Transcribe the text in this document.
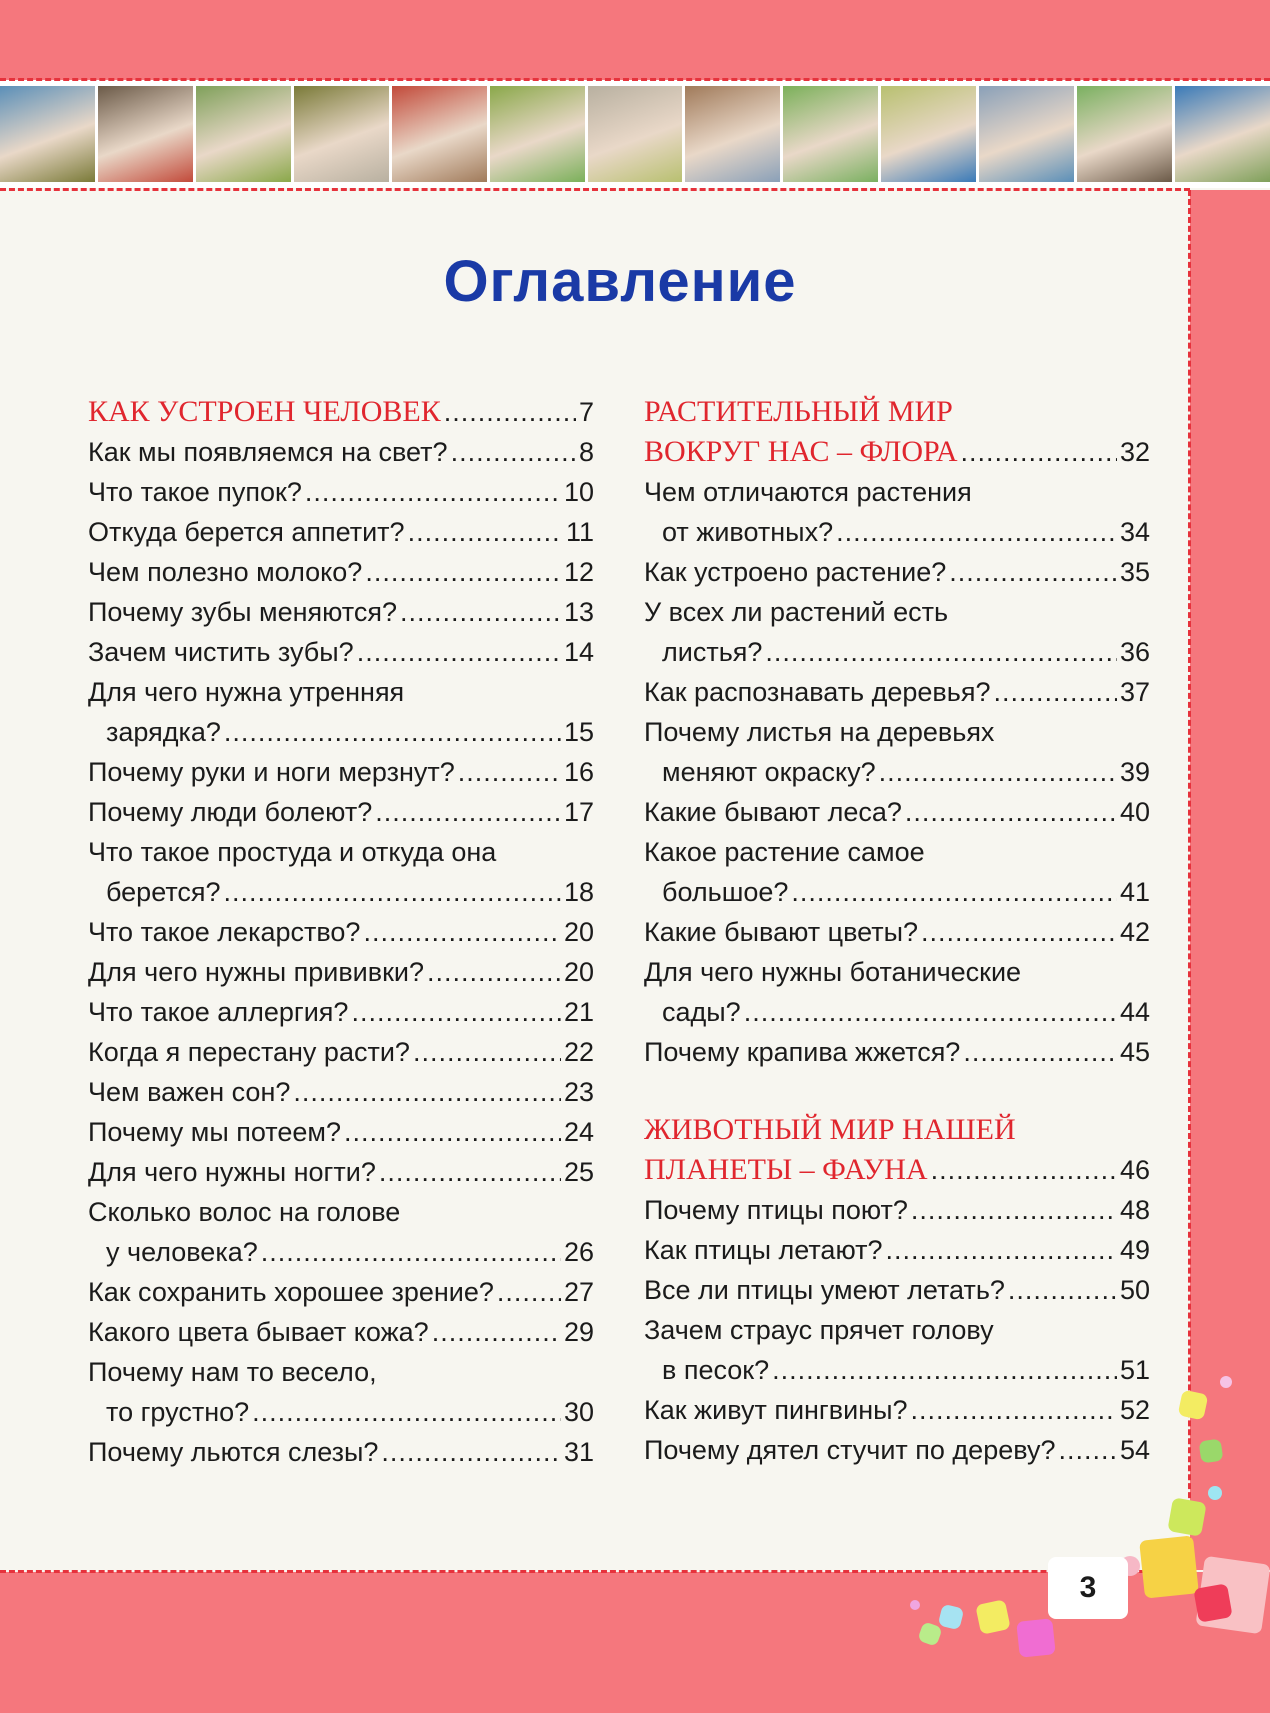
Оглавление
КАК УСТРОЕН ЧЕЛОВЕК .....	7
Как мы появляемся на свет? .....	8
Что такое пупок? .....	10
Откуда берется аппетит? .....	11
Чем полезно молоко? .....	12
Почему зубы меняются? .....	13
Зачем чистить зубы? .....	14
Для чего нужна утренняя
зарядка? .....	15
Почему руки и ноги мерзнут? .....	16
Почему люди болеют? .....	17
Что такое простуда и откуда она
берется? .....	18
Что такое лекарство? .....	20
Для чего нужны прививки? .....	20
Что такое аллергия? .....	21
Когда я перестану расти? .....	22
Чем важен сон? .....	23
Почему мы потеем? .....	24
Для чего нужны ногти? .....	25
Сколько волос на голове
у человека? .....	26
Как сохранить хорошее зрение? .....	27
Какого цвета бывает кожа? .....	29
Почему нам то весело,
то грустно? .....	30
Почему льются слезы? .....	31
РАСТИТЕЛЬНЫЙ МИР
ВОКРУГ НАС – ФЛОРА .....	32
Чем отличаются растения
от животных? .....	34
Как устроено растение? .....	35
У всех ли растений есть
листья? .....	36
Как распознавать деревья? .....	37
Почему листья на деревьях
меняют окраску? .....	39
Какие бывают леса? .....	40
Какое растение самое
большое? .....	41
Какие бывают цветы? .....	42
Для чего нужны ботанические
сады? .....	44
Почему крапива жжется? .....	45
ЖИВОТНЫЙ МИР НАШЕЙ
ПЛАНЕТЫ – ФАУНА .....	46
Почему птицы поют? .....	48
Как птицы летают? .....	49
Все ли птицы умеют летать? .....	50
Зачем страус прячет голову
в песок? .....	51
Как живут пингвины? .....	52
Почему дятел стучит по дереву? ..... 54
3
